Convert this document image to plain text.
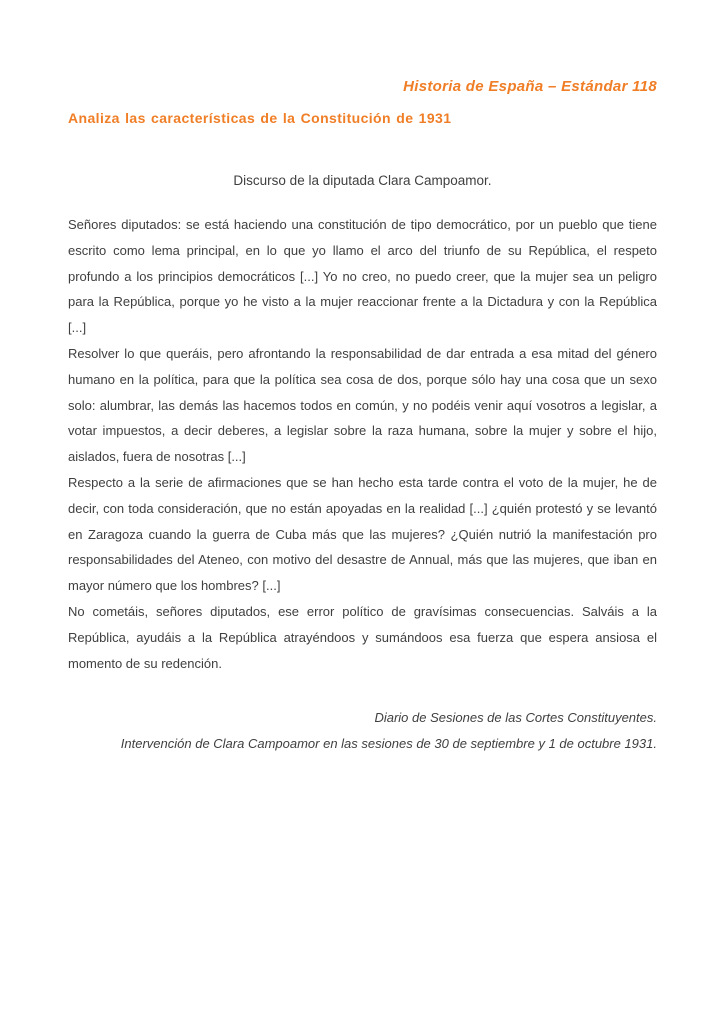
Historia de España – Estándar 118
Analiza las características de la Constitución de 1931
Discurso de la diputada Clara Campoamor.

Señores diputados: se está haciendo una constitución de tipo democrático, por un pueblo que tiene escrito como lema principal, en lo que yo llamo el arco del triunfo de su República, el respeto profundo a los principios democráticos [...] Yo no creo, no puedo creer, que la mujer sea un peligro para la República, porque yo he visto a la mujer reaccionar frente a la Dictadura y con la República [...]

Resolver lo que queráis, pero afrontando la responsabilidad de dar entrada a esa mitad del género humano en la política, para que la política sea cosa de dos, porque sólo hay una cosa que un sexo solo: alumbrar, las demás las hacemos todos en común, y no podéis venir aquí vosotros a legislar, a votar impuestos, a decir deberes, a legislar sobre la raza humana, sobre la mujer y sobre el hijo, aislados, fuera de nosotras [...]

Respecto a la serie de afirmaciones que se han hecho esta tarde contra el voto de la mujer, he de decir, con toda consideración, que no están apoyadas en la realidad [...] ¿quién protestó y se levantó en Zaragoza cuando la guerra de Cuba más que las mujeres? ¿Quién nutrió la manifestación pro responsabilidades del Ateneo, con motivo del desastre de Annual, más que las mujeres, que iban en mayor número que los hombres? [...]

No cometáis, señores diputados, ese error político de gravísimas consecuencias. Salváis a la República, ayudáis a la República atrayéndoos y sumándoos esa fuerza que espera ansiosa el momento de su redención.

Diario de Sesiones de las Cortes Constituyentes.
Intervención de Clara Campoamor en las sesiones de 30 de septiembre y 1 de octubre 1931.
